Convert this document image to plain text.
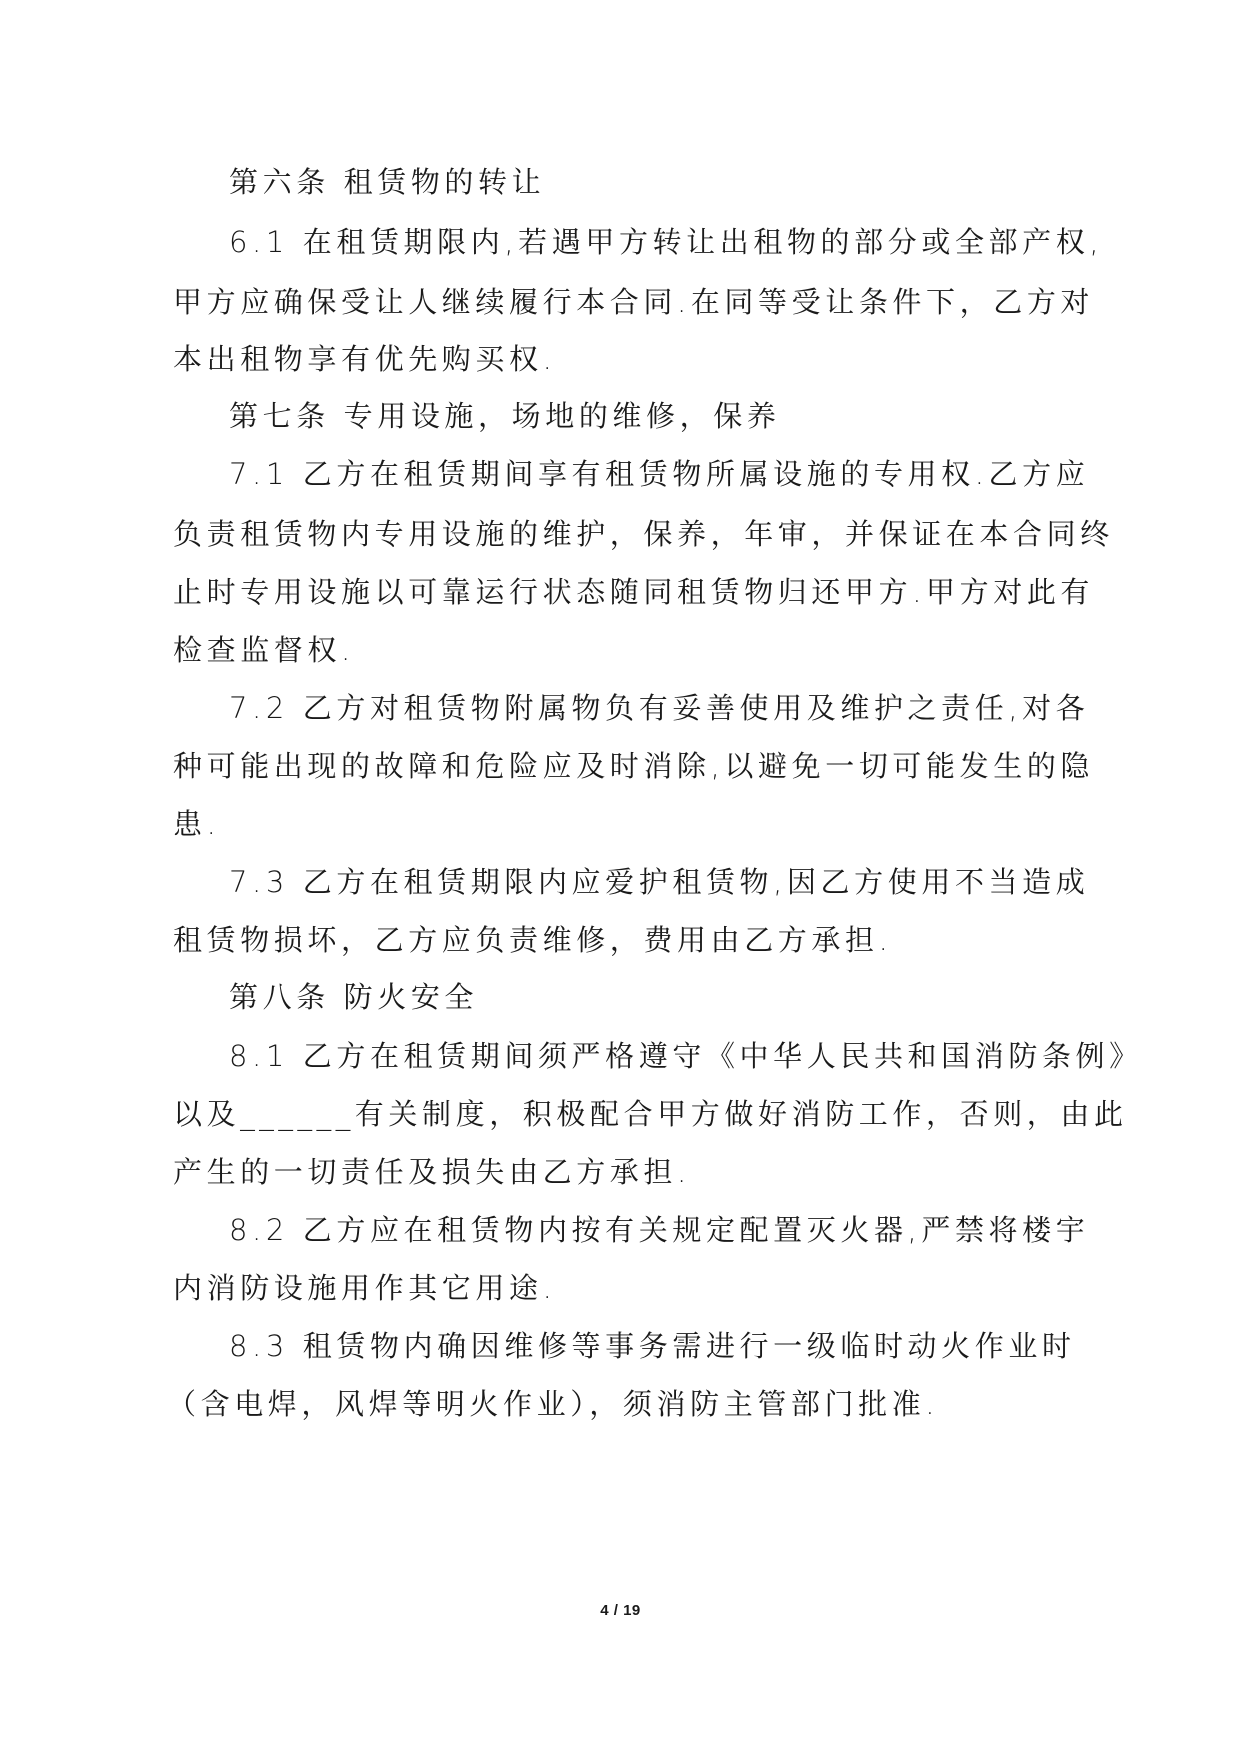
第六条 租赁物的转让
6.1 在租赁期限内,若遇甲方转让出租物的部分或全部产权,
甲方应确保受让人继续履行本合同.在同等受让条件下，乙方对
本出租物享有优先购买权.
第七条 专用设施，场地的维修，保养
7.1 乙方在租赁期间享有租赁物所属设施的专用权.乙方应
负责租赁物内专用设施的维护，保养，年审，并保证在本合同终
止时专用设施以可靠运行状态随同租赁物归还甲方.甲方对此有
检查监督权.
7.2 乙方对租赁物附属物负有妥善使用及维护之责任,对各
种可能出现的故障和危险应及时消除,以避免一切可能发生的隐
患.
7.3 乙方在租赁期限内应爱护租赁物,因乙方使用不当造成
租赁物损坏，乙方应负责维修，费用由乙方承担.
第八条 防火安全
8.1 乙方在租赁期间须严格遵守《中华人民共和国消防条例》
以及______有关制度，积极配合甲方做好消防工作，否则，由此
产生的一切责任及损失由乙方承担.
8.2 乙方应在租赁物内按有关规定配置灭火器,严禁将楼宇
内消防设施用作其它用途.
8.3 租赁物内确因维修等事务需进行一级临时动火作业时
（含电焊，风焊等明火作业），须消防主管部门批准.
4 / 19
